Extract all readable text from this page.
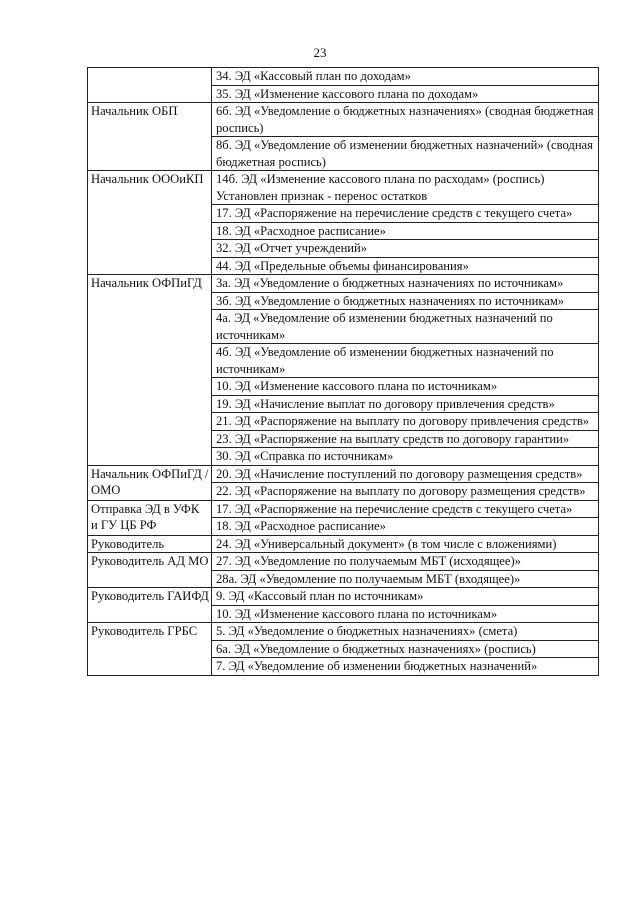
23
	34. ЭД «Кассовый план по доходам»
	35. ЭД «Изменение кассового плана по доходам»
Начальник ОБП	6б. ЭД «Уведомление о бюджетных назначениях» (сводная бюджетная роспись)
	8б. ЭД «Уведомление об изменении бюджетных назначений» (сводная бюджетная роспись)
Начальник ОООиКП	14б. ЭД «Изменение кассового плана по расходам» (роспись) Установлен признак - перенос остатков
	17. ЭД «Распоряжение на перечисление средств с текущего счета»
	18. ЭД «Расходное расписание»
	32. ЭД «Отчет учреждений»
	44. ЭД «Предельные объемы финансирования»
Начальник ОФПиГД	3а. ЭД «Уведомление о бюджетных назначениях по источникам»
	3б. ЭД «Уведомление о бюджетных назначениях по источникам»
	4а. ЭД «Уведомление об изменении бюджетных назначений по источникам»
	4б. ЭД «Уведомление об изменении бюджетных назначений по источникам»
	10. ЭД «Изменение кассового плана по источникам»
	19. ЭД «Начисление выплат по договору привлечения средств»
	21. ЭД «Распоряжение на выплату по договору привлечения средств»
	23. ЭД «Распоряжение на выплату средств по договору гарантии»
	30. ЭД «Справка по источникам»
Начальник ОФПиГД / ОМО	20. ЭД «Начисление поступлений по договору размещения средств»
	22. ЭД «Распоряжение на выплату по договору размещения средств»
Отправка ЭД в УФК и ГУ ЦБ РФ	17. ЭД «Распоряжение на перечисление средств с текущего счета»
	18. ЭД «Расходное расписание»
Руководитель	24. ЭД «Универсальный документ» (в том числе с вложениями)
Руководитель АД МО	27. ЭД «Уведомление по получаемым МБТ (исходящее)»
	28а. ЭД «Уведомление по получаемым МБТ (входящее)»
Руководитель ГАИФД	9. ЭД «Кассовый план по источникам»
	10. ЭД «Изменение кассового плана по источникам»
Руководитель ГРБС	5. ЭД «Уведомление о бюджетных назначениях» (смета)
	6а. ЭД «Уведомление о бюджетных назначениях» (роспись)
	7. ЭД «Уведомление об изменении бюджетных назначений»
